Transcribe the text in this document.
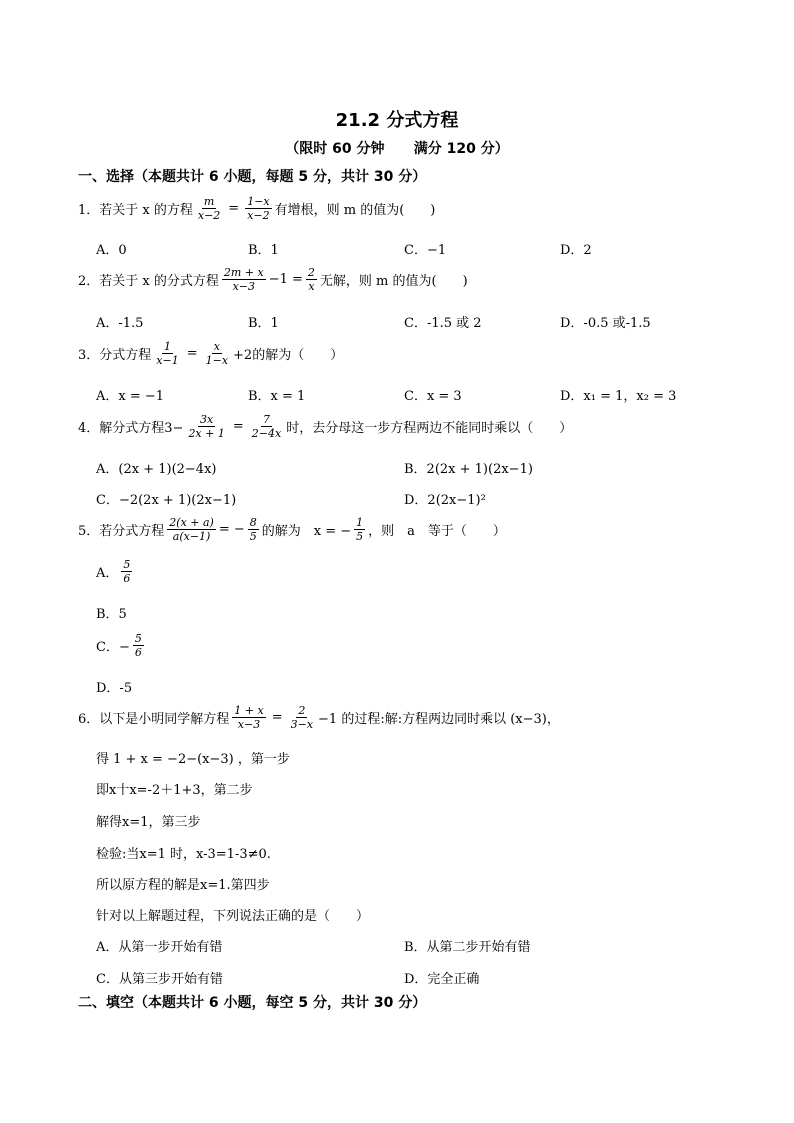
21.2 分式方程
（限时 60 分钟      满分 120 分）
一、选择（本题共计 6 小题，每题 5 分，共计 30 分）
1．若关于 x 的方程 $\frac{m}{x-2} = \frac{1-x}{x-2}$ 有增根，则 m 的值为(　　)
A．0	B．1	C．−1	D．2
2．若关于 x 的分式方程 $\frac{2m + x}{x-3} -1 = \frac{2}{x}$ 无解，则 m 的值为(　　)
A．-1.5	B．1	C．-1.5 或 2	D．-0.5 或-1.5
3．分式方程 $\frac{1}{x-1} = \frac{x}{1-x} +2$的解为（　　）
A．x = −1	B．x = 1	C．x = 3	D．x₁ = 1，x₂ = 3
4．解分式方程$3- \frac{3x}{2x + 1} = \frac{7}{2-4x}$ 时，去分母这一步方程两边不能同时乘以（　　）
A．(2x + 1)(2−4x)	B．2(2x + 1)(2x−1)
C．−2(2x + 1)(2x−1)	D．2(2x−1)²
5．若分式方程 $\frac{2(x + a)}{a(x-1)}$ = − $\frac{8}{5}$ 的解为　x = − $\frac{1}{5}$ ，则　a　等于（　　）
A． $\frac{5}{6}$
B．5
C．− $\frac{5}{6}$
D．-5
6．以下是小明同学解方程 $\frac{1 + x}{x-3} = \frac{2}{3-x} -1$ 的过程:解:方程两边同时乘以 (x−3)，
得 1 + x = −2−(x−3) ，第一步
即x十x=-2＋1+3，第二步
解得x=1，第三步
检验:当x=1 时，x-3=1-3≠0.
所以原方程的解是x=1.第四步
针对以上解题过程，下列说法正确的是（　　）
A．从第一步开始有错	B．从第二步开始有错
C．从第三步开始有错	D．完全正确
二、填空（本题共计 6 小题，每空 5 分，共计 30 分）
